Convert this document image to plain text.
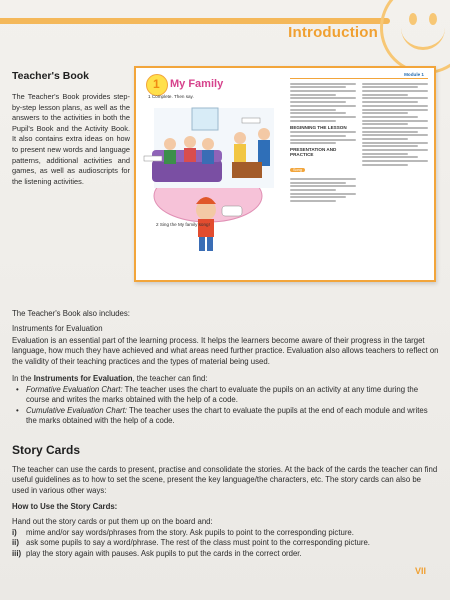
Introduction
Teacher's Book

The Teacher's Book provides step-by-step lesson plans, as well as the answers to the activities in both the Pupil's Book and the Activity Book. It also contains extra ideas on how to present new words and language patterns, additional activities and games, as well as audioscripts for the listening activities.

1 My Family
1 Complete. Then say.
2 Sing the My family song!
Module 1
BEGINNING THE LESSON
PRESENTATION AND PRACTICE
Song

The Teacher's Book also includes:

Instruments for Evaluation

Evaluation is an essential part of the learning process. It helps the learners become aware of their progress in the target language, how much they have achieved and what areas need further practice. Evaluation also allows teachers to reflect on the validity of their teaching practices and the types of material being used.

In the Instruments for Evaluation, the teacher can find:

• Formative Evaluation Chart: The teacher uses the chart to evaluate the pupils on an activity at any time during the course and writes the marks obtained with the help of a code.
• Cumulative Evaluation Chart: The teacher uses the chart to evaluate the pupils at the end of each module and writes the marks obtained with the help of a code.
Story Cards

The teacher can use the cards to present, practise and consolidate the stories. At the back of the cards the teacher can find useful guidelines as to how to set the scene, present the key language/the characters, etc. The story cards can also be used in various other ways:

How to Use the Story Cards:

Hand out the story cards or put them up on the board and:

i)	mime and/or say words/phrases from the story. Ask pupils to point to the corresponding picture.
ii) ask some pupils to say a word/phrase. The rest of the class must point to the corresponding picture.
iii) play the story again with pauses. Ask pupils to put the cards in the correct order.
VII
